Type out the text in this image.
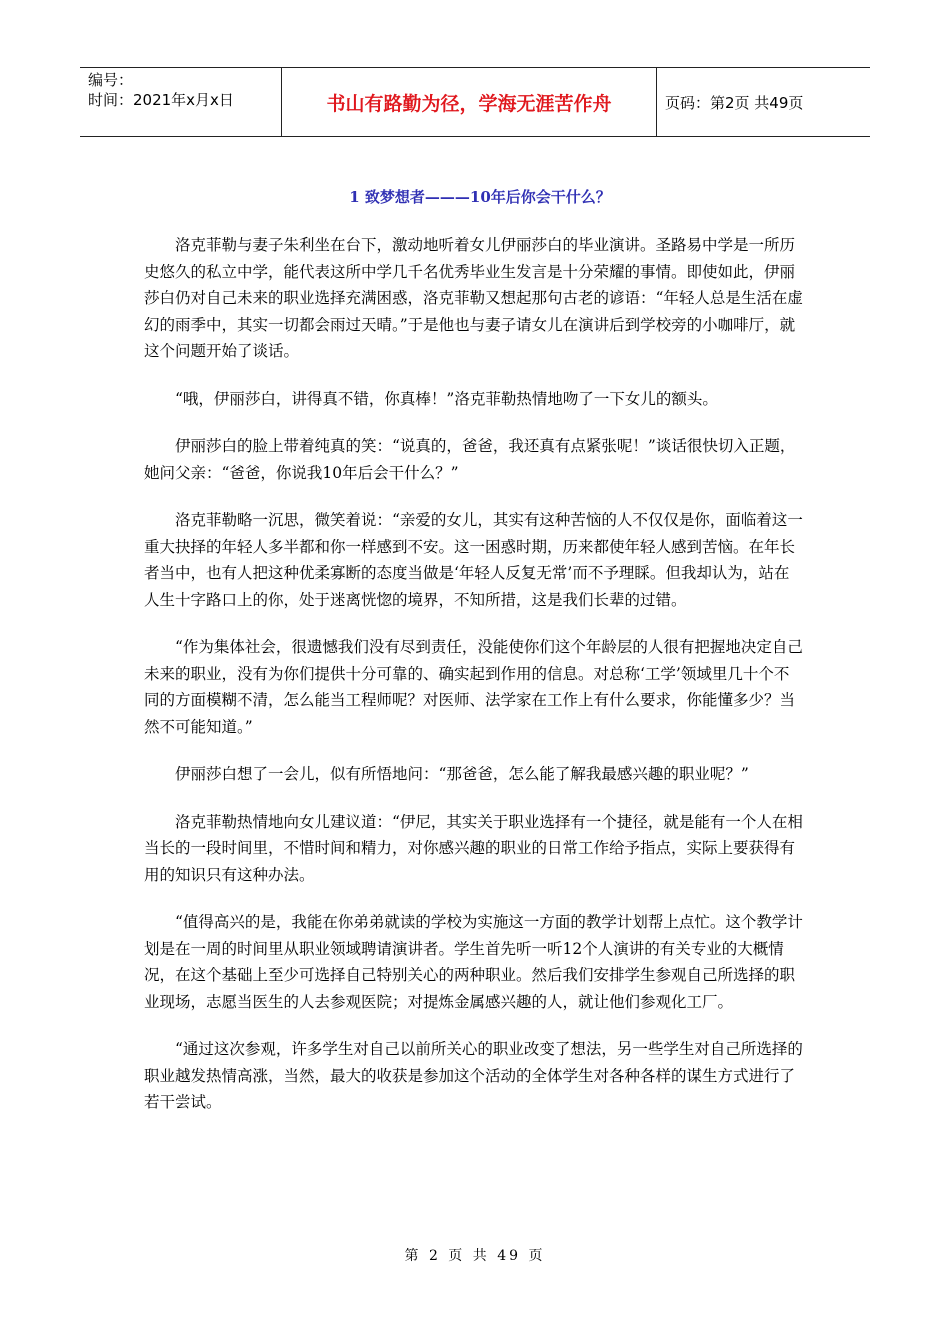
编号：
时间：2021年x月x日	书山有路勤为径，学海无涯苦作舟	页码：第2页 共49页
1 致梦想者———10年后你会干什么？

洛克菲勒与妻子朱利坐在台下，激动地听着女儿伊丽莎白的毕业演讲。圣路易中学是一所历史悠久的私立中学，能代表这所中学几千名优秀毕业生发言是十分荣耀的事情。即使如此，伊丽莎白仍对自己未来的职业选择充满困惑，洛克菲勒又想起那句古老的谚语：“年轻人总是生活在虚幻的雨季中，其实一切都会雨过天晴。”于是他也与妻子请女儿在演讲后到学校旁的小咖啡厅，就这个问题开始了谈话。

“哦，伊丽莎白，讲得真不错，你真棒！”洛克菲勒热情地吻了一下女儿的额头。

伊丽莎白的脸上带着纯真的笑：“说真的，爸爸，我还真有点紧张呢！”谈话很快切入正题，她问父亲：“爸爸，你说我10年后会干什么？”

洛克菲勒略一沉思，微笑着说：“亲爱的女儿，其实有这种苦恼的人不仅仅是你，面临着这一重大抉择的年轻人多半都和你一样感到不安。这一困惑时期，历来都使年轻人感到苦恼。在年长者当中，也有人把这种优柔寡断的态度当做是‘年轻人反复无常’而不予理睬。但我却认为，站在人生十字路口上的你，处于迷离恍惚的境界，不知所措，这是我们长辈的过错。

“作为集体社会，很遗憾我们没有尽到责任，没能使你们这个年龄层的人很有把握地决定自己未来的职业，没有为你们提供十分可靠的、确实起到作用的信息。对总称‘工学’领域里几十个不同的方面模糊不清，怎么能当工程师呢？对医师、法学家在工作上有什么要求，你能懂多少？当然不可能知道。”

伊丽莎白想了一会儿，似有所悟地问：“那爸爸，怎么能了解我最感兴趣的职业呢？”

洛克菲勒热情地向女儿建议道：“伊尼，其实关于职业选择有一个捷径，就是能有一个人在相当长的一段时间里，不惜时间和精力，对你感兴趣的职业的日常工作给予指点，实际上要获得有用的知识只有这种办法。

“值得高兴的是，我能在你弟弟就读的学校为实施这一方面的教学计划帮上点忙。这个教学计划是在一周的时间里从职业领域聘请演讲者。学生首先听一听12个人演讲的有关专业的大概情况，在这个基础上至少可选择自己特别关心的两种职业。然后我们安排学生参观自己所选择的职业现场，志愿当医生的人去参观医院；对提炼金属感兴趣的人，就让他们参观化工厂。

“通过这次参观，许多学生对自己以前所关心的职业改变了想法，另一些学生对自己所选择的职业越发热情高涨，当然，最大的收获是参加这个活动的全体学生对各种各样的谋生方式进行了若干尝试。

第 2 页 共 49 页
